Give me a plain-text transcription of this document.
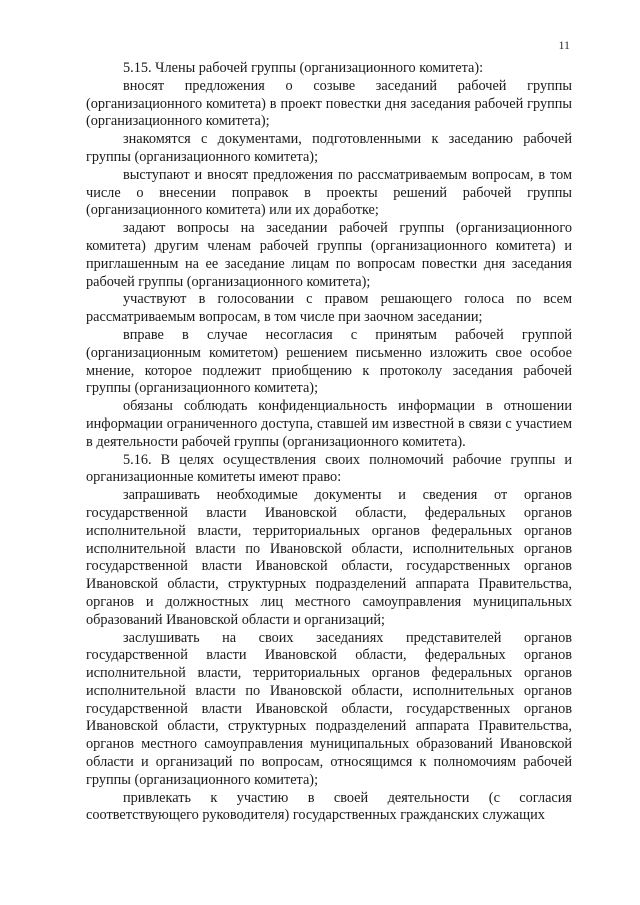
11

5.15. Члены рабочей группы (организационного комитета):

вносят предложения о созыве заседаний рабочей группы (организационного комитета) в проект повестки дня заседания рабочей группы (организационного комитета);

знакомятся с документами, подготовленными к заседанию рабочей группы (организационного комитета);

выступают и вносят предложения по рассматриваемым вопросам, в том числе о внесении поправок в проекты решений рабочей группы (организационного комитета) или их доработке;

задают вопросы на заседании рабочей группы (организационного комитета) другим членам рабочей группы (организационного комитета) и приглашенным на ее заседание лицам по вопросам повестки дня заседания рабочей группы (организационного комитета);

участвуют в голосовании с правом решающего голоса по всем рассматриваемым вопросам, в том числе при заочном заседании;

вправе в случае несогласия с принятым рабочей группой (организационным комитетом) решением письменно изложить свое особое мнение, которое подлежит приобщению к протоколу заседания рабочей группы (организационного комитета);

обязаны соблюдать конфиденциальность информации в отношении информации ограниченного доступа, ставшей им известной в связи с участием в деятельности рабочей группы (организационного комитета).

5.16. В целях осуществления своих полномочий рабочие группы и организационные комитеты имеют право:

запрашивать необходимые документы и сведения от органов государственной власти Ивановской области, федеральных органов исполнительной власти, территориальных органов федеральных органов исполнительной власти по Ивановской области, исполнительных органов государственной власти Ивановской области, государственных органов Ивановской области, структурных подразделений аппарата Правительства, органов и должностных лиц местного самоуправления муниципальных образований Ивановской области и организаций;

заслушивать на своих заседаниях представителей органов государственной власти Ивановской области, федеральных органов исполнительной власти, территориальных органов федеральных органов исполнительной власти по Ивановской области, исполнительных органов государственной власти Ивановской области, государственных органов Ивановской области, структурных подразделений аппарата Правительства, органов местного самоуправления муниципальных образований Ивановской области и организаций по вопросам, относящимся к полномочиям рабочей группы (организационного комитета);

привлекать к участию в своей деятельности (с согласия соответствующего руководителя) государственных гражданских служащих
